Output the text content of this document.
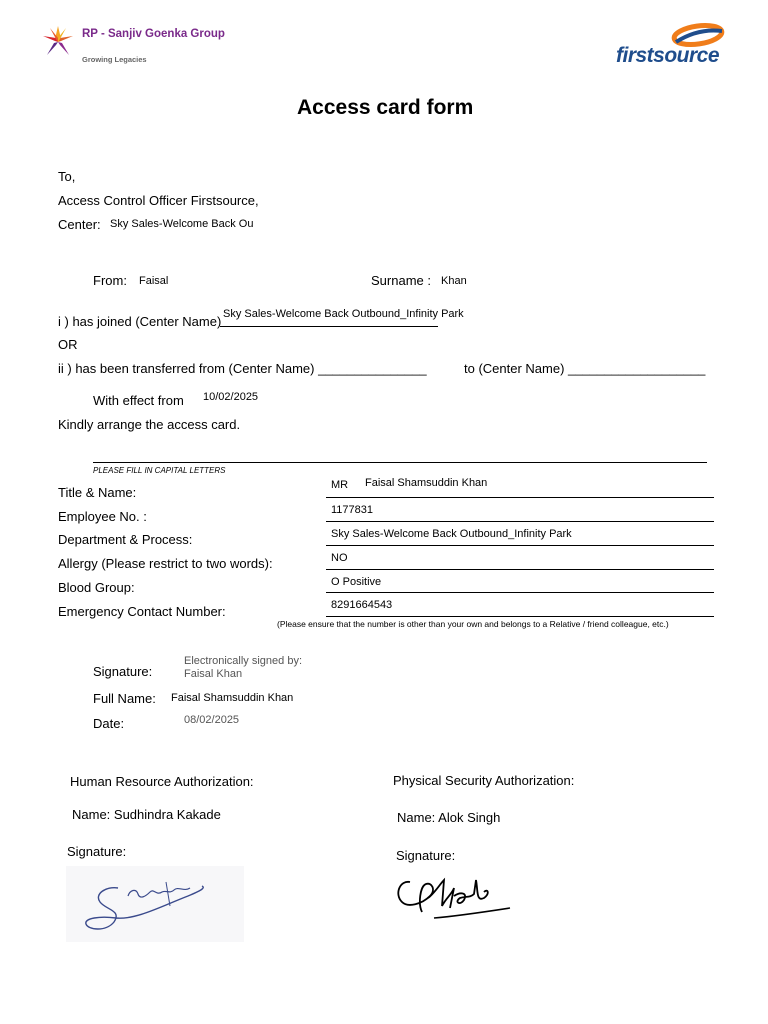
RP - Sanjiv Goenka Group
Growing Legacies	firstsource
Access card form
To,
Access Control Officer Firstsource,
Center: Sky Sales-Welcome Back Ou
From: Faisal	Surname : Khan
i ) has joined (Center Name) Sky Sales-Welcome Back Outbound_Infinity Park
OR
ii ) has been transferred from (Center Name) _______________	to (Center Name) ___________________
With effect from 10/02/2025
Kindly arrange the access card.
PLEASE FILL IN CAPITAL LETTERS
Title & Name:	MR Faisal Shamsuddin Khan
Employee No. :	1177831
Department & Process:	Sky Sales-Welcome Back Outbound_Infinity Park
Allergy (Please restrict to two words):	NO
Blood Group:	O Positive
Emergency Contact Number:	8291664543
(Please ensure that the number is other than your own and belongs to a Relative / friend colleague, etc.)
Signature:
Electronically signed by:
Faisal Khan
Full Name: Faisal Shamsuddin Khan
Date:	08/02/2025
Human Resource Authorization:
Name: Sudhindra Kakade
Signature:
Physical Security Authorization:
Name: Alok Singh
Signature:
